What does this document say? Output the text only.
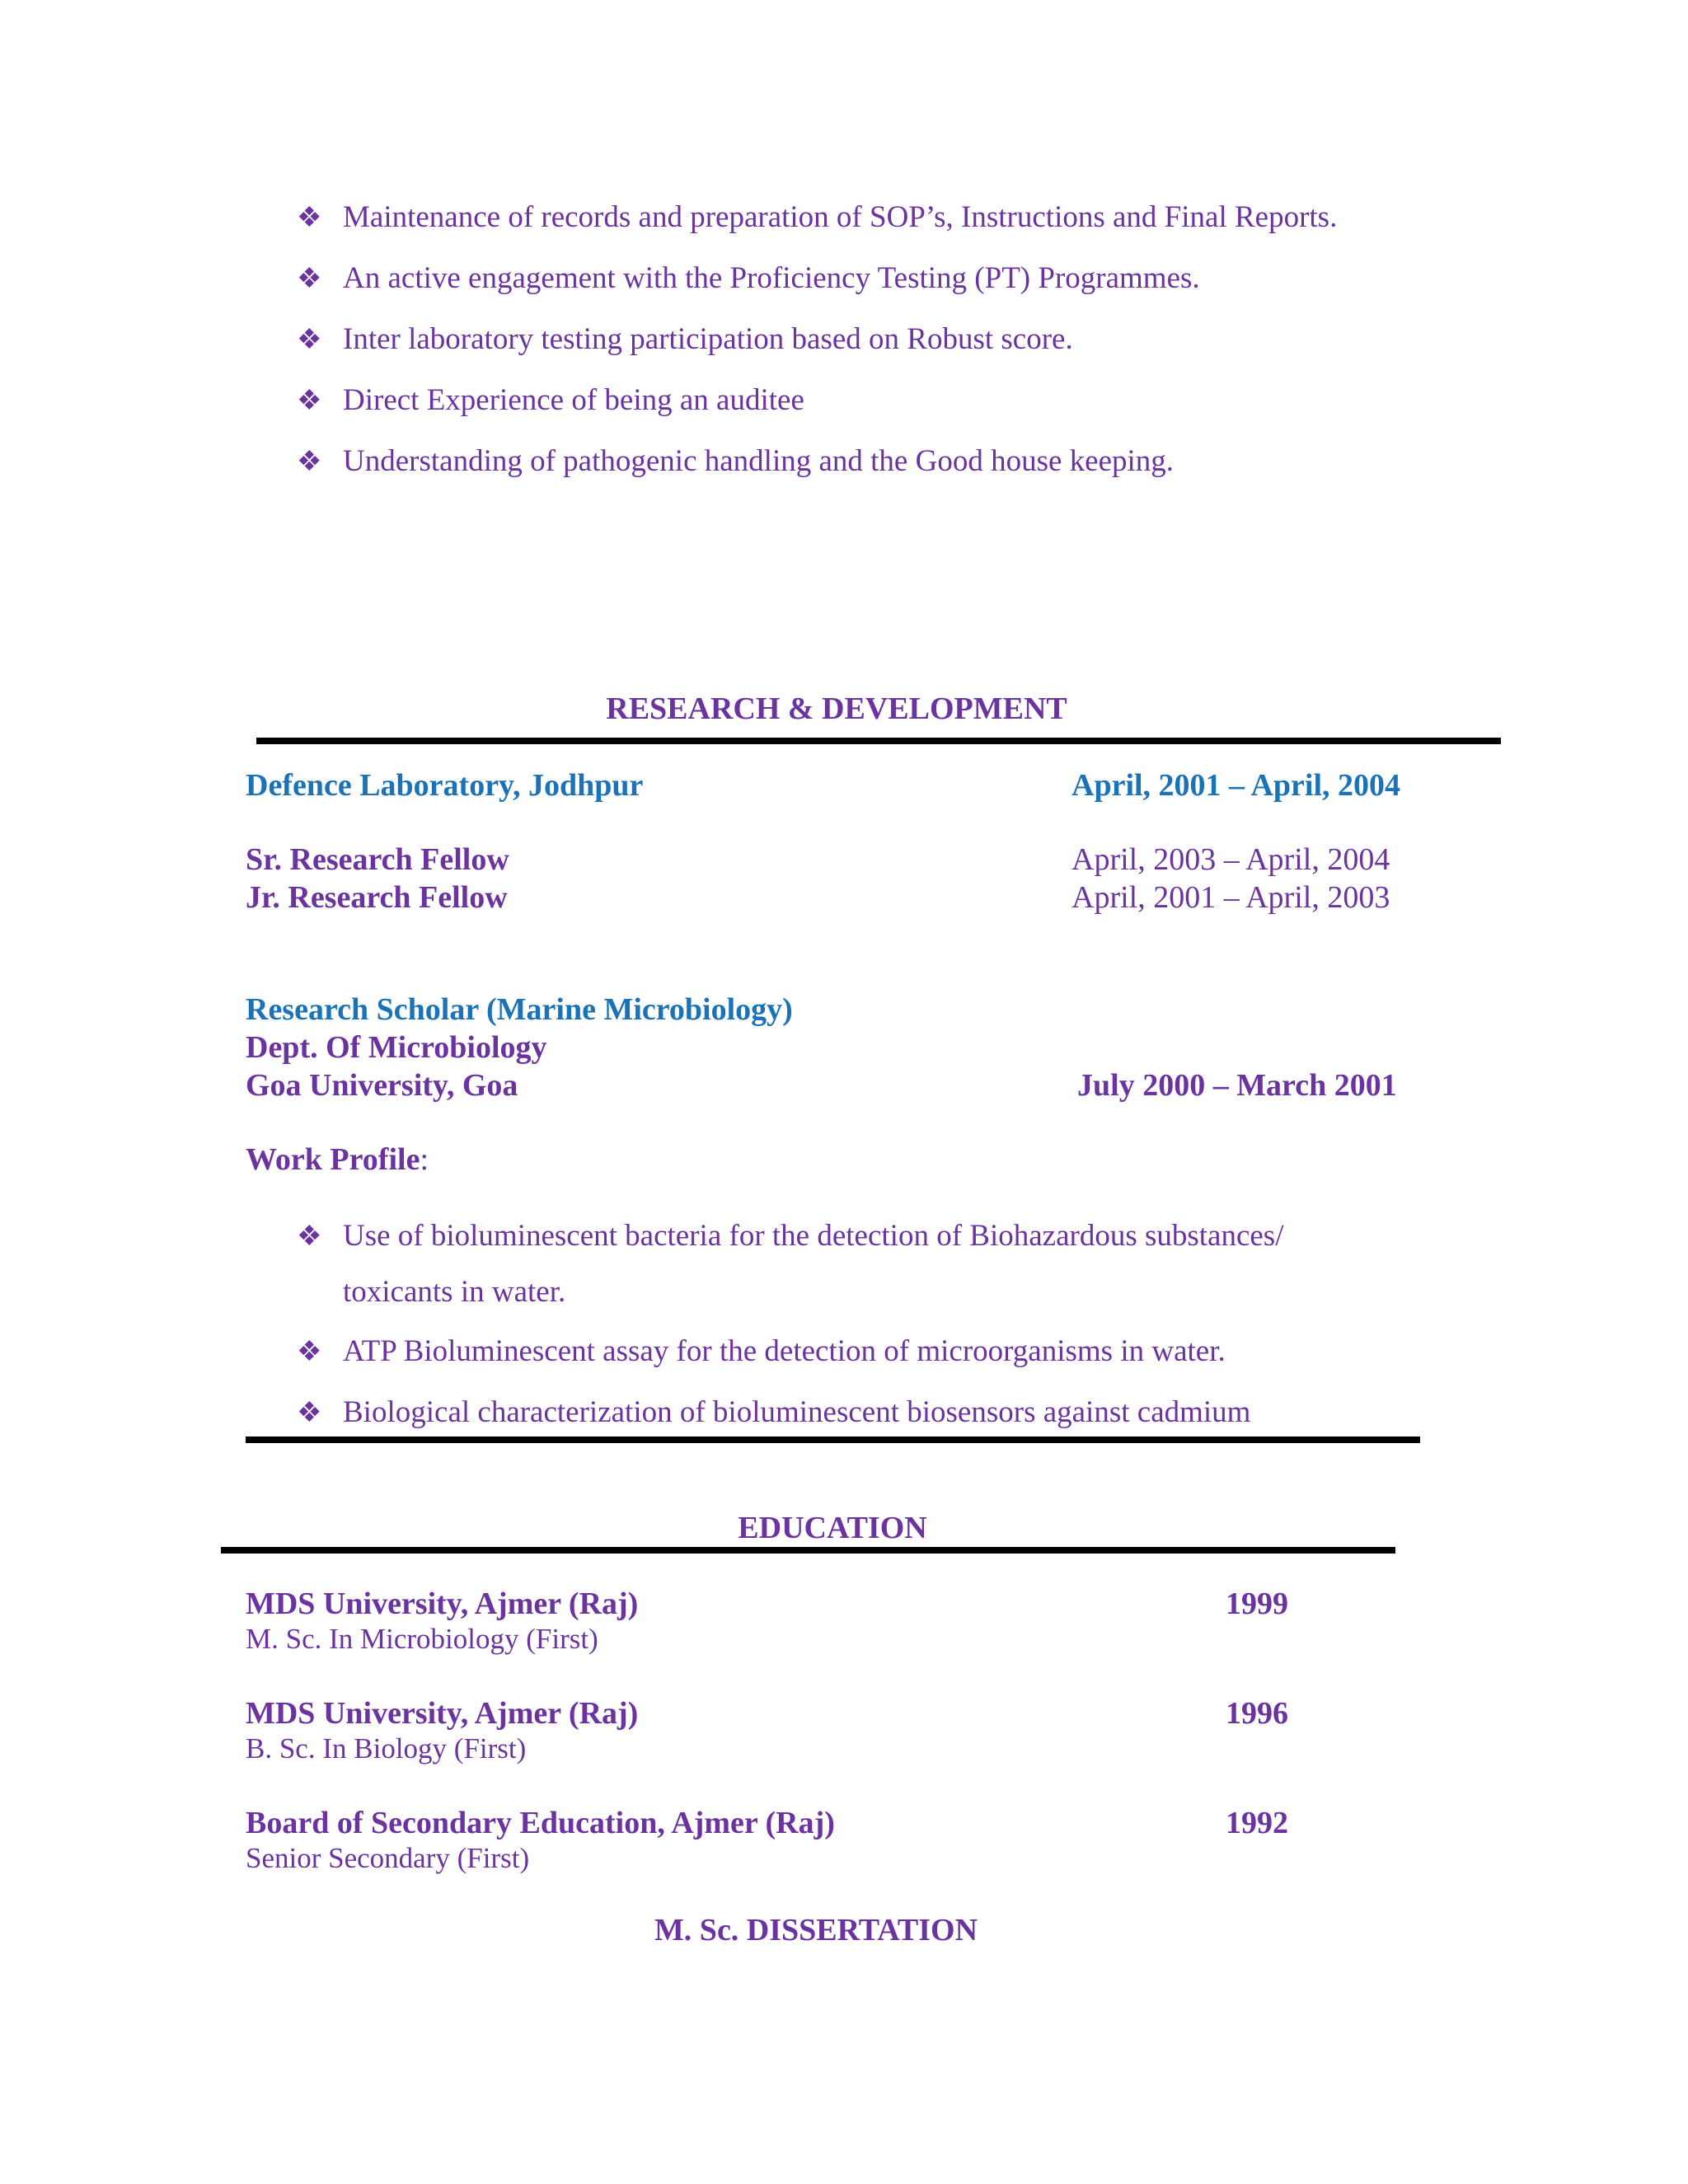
❖ Maintenance of records and preparation of SOP’s, Instructions and Final Reports.
❖ An active engagement with the Proficiency Testing (PT) Programmes.
❖ Inter laboratory testing participation based on Robust score.
❖ Direct Experience of being an auditee
❖ Understanding of pathogenic handling and the Good house keeping.
RESEARCH & DEVELOPMENT
Defence Laboratory, Jodhpur	April, 2001 – April, 2004
Sr. Research Fellow	April, 2003 – April, 2004
Jr. Research Fellow	April, 2001 – April, 2003
Research Scholar (Marine Microbiology)
Dept. Of Microbiology
Goa University, Goa	July 2000 – March 2001
Work Profile:
❖ Use of bioluminescent bacteria for the detection of Biohazardous substances/
toxicants in water.
❖ ATP Bioluminescent assay for the detection of microorganisms in water.
❖ Biological characterization of bioluminescent biosensors against cadmium
EDUCATION
MDS University, Ajmer (Raj)	1999
M. Sc. In Microbiology (First)
MDS University, Ajmer (Raj)	1996
B. Sc. In Biology (First)
Board of Secondary Education, Ajmer (Raj)	1992
Senior Secondary (First)
M. Sc. DISSERTATION
